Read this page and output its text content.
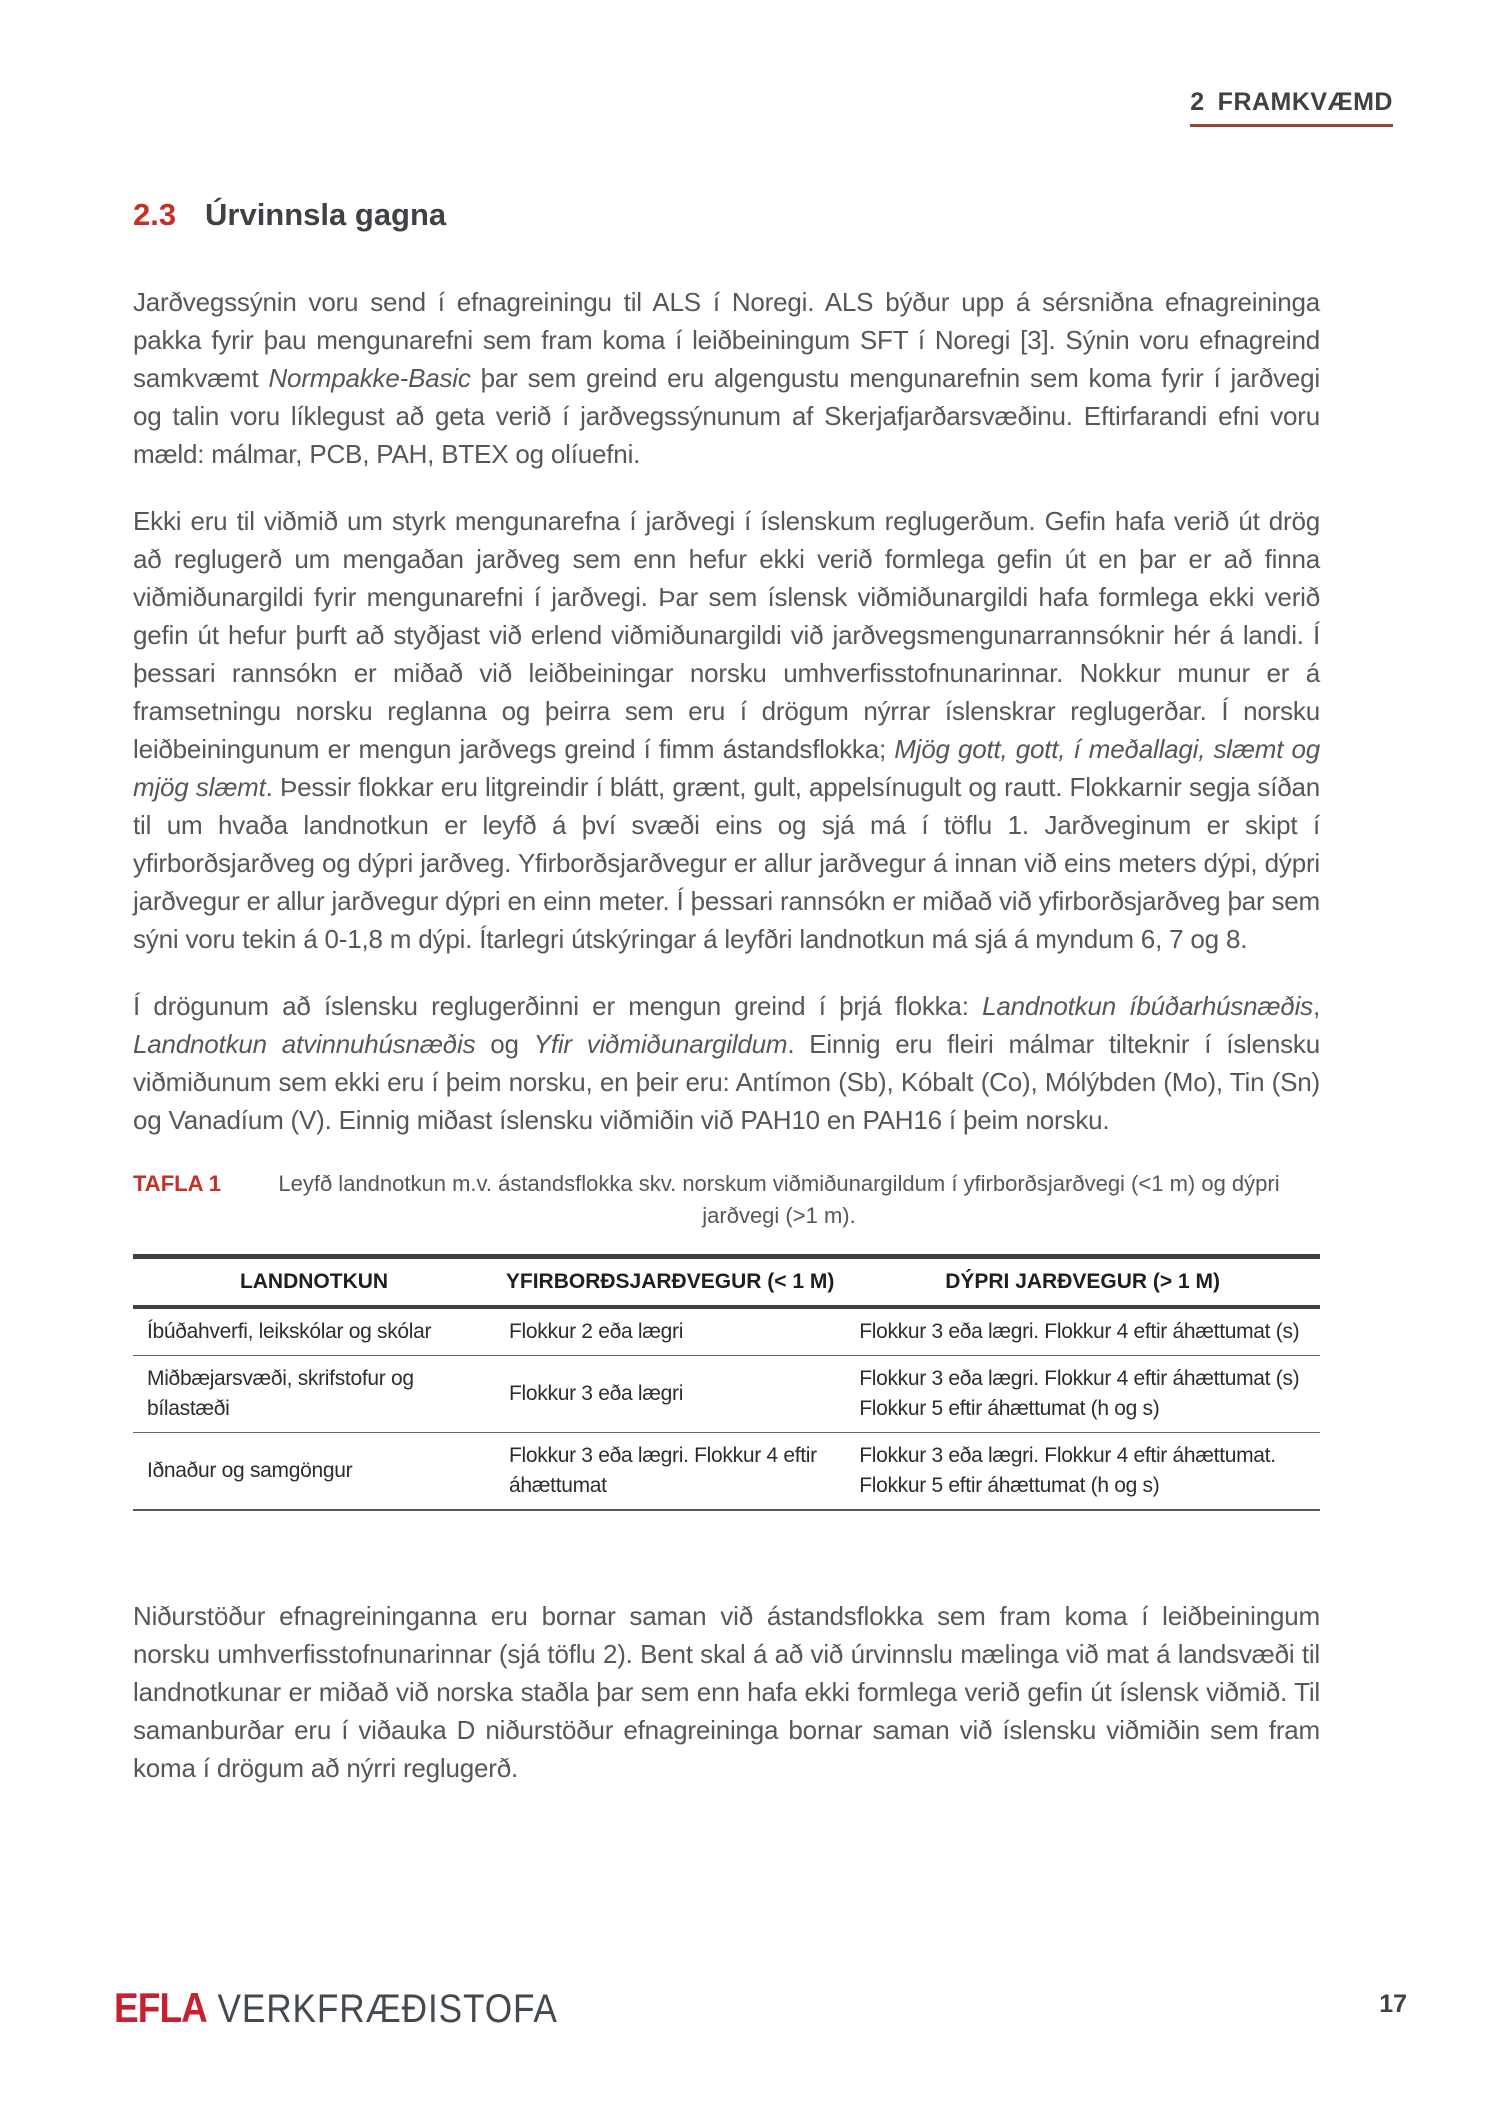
2 FRAMKVÆMD
2.3 Úrvinnsla gagna

Jarðvegssýnin voru send í efnagreiningu til ALS í Noregi. ALS býður upp á sérsniðna efnagreininga pakka fyrir þau mengunarefni sem fram koma í leiðbeiningum SFT í Noregi [3]. Sýnin voru efnagreind samkvæmt Normpakke-Basic þar sem greind eru algengustu mengunarefnin sem koma fyrir í jarðvegi og talin voru líklegust að geta verið í jarðvegssýnunum af Skerjafjarðarsvæðinu. Eftirfarandi efni voru mæld: málmar, PCB, PAH, BTEX og olíuefni.

Ekki eru til viðmið um styrk mengunarefna í jarðvegi í íslenskum reglugerðum. Gefin hafa verið út drög að reglugerð um mengaðan jarðveg sem enn hefur ekki verið formlega gefin út en þar er að finna viðmiðunargildi fyrir mengunarefni í jarðvegi. Þar sem íslensk viðmiðunargildi hafa formlega ekki verið gefin út hefur þurft að styðjast við erlend viðmiðunargildi við jarðvegsmengunarrannsóknir hér á landi. Í þessari rannsókn er miðað við leiðbeiningar norsku umhverfisstofnunarinnar. Nokkur munur er á framsetningu norsku reglanna og þeirra sem eru í drögum nýrrar íslenskrar reglugerðar. Í norsku leiðbeiningunum er mengun jarðvegs greind í fimm ástandsflokka; Mjög gott, gott, í meðallagi, slæmt og mjög slæmt. Þessir flokkar eru litgreindir í blátt, grænt, gult, appelsínugult og rautt. Flokkarnir segja síðan til um hvaða landnotkun er leyfð á því svæði eins og sjá má í töflu 1. Jarðveginum er skipt í yfirborðsjarðveg og dýpri jarðveg. Yfirborðsjarðvegur er allur jarðvegur á innan við eins meters dýpi, dýpri jarðvegur er allur jarðvegur dýpri en einn meter. Í þessari rannsókn er miðað við yfirborðsjarðveg þar sem sýni voru tekin á 0-1,8 m dýpi. Ítarlegri útskýringar á leyfðri landnotkun má sjá á myndum 6, 7 og 8.

Í drögunum að íslensku reglugerðinni er mengun greind í þrjá flokka: Landnotkun íbúðarhúsnæðis, Landnotkun atvinnuhúsnæðis og Yfir viðmiðunargildum. Einnig eru fleiri málmar tilteknir í íslensku viðmiðunum sem ekki eru í þeim norsku, en þeir eru: Antímon (Sb), Kóbalt (Co), Mólýbden (Mo), Tin (Sn) og Vanadíum (V). Einnig miðast íslensku viðmiðin við PAH10 en PAH16 í þeim norsku.

TAFLA 1	Leyfð landnotkun m.v. ástandsflokka skv. norskum viðmiðunargildum í yfirborðsjarðvegi (<1 m) og dýpri jarðvegi (>1 m).
LANDNOTKUN	YFIRBORÐSJARÐVEGUR (< 1 M)	DÝPRI JARÐVEGUR (> 1 M)
Íbúðahverfi, leikskólar og skólar	Flokkur 2 eða lægri	Flokkur 3 eða lægri. Flokkur 4 eftir áhættumat (s)
Miðbæjarsvæði, skrifstofur og bílastæði	Flokkur 3 eða lægri	Flokkur 3 eða lægri. Flokkur 4 eftir áhættumat (s)
Flokkur 5 eftir áhættumat (h og s)

Iðnaður og samgöngur	Flokkur 3 eða lægri. Flokkur 4 eftir áhættumat	Flokkur 3 eða lægri. Flokkur 4 eftir áhættumat.
Flokkur 5 eftir áhættumat (h og s)

Niðurstöður efnagreininganna eru bornar saman við ástandsflokka sem fram koma í leiðbeiningum norsku umhverfisstofnunarinnar (sjá töflu 2). Bent skal á að við úrvinnslu mælinga við mat á landsvæði til landnotkunar er miðað við norska staðla þar sem enn hafa ekki formlega verið gefin út íslensk viðmið. Til samanburðar eru í viðauka D niðurstöður efnagreininga bornar saman við íslensku viðmiðin sem fram koma í drögum að nýrri reglugerð.

EFLA VERKFRÆÐISTOFA	17
